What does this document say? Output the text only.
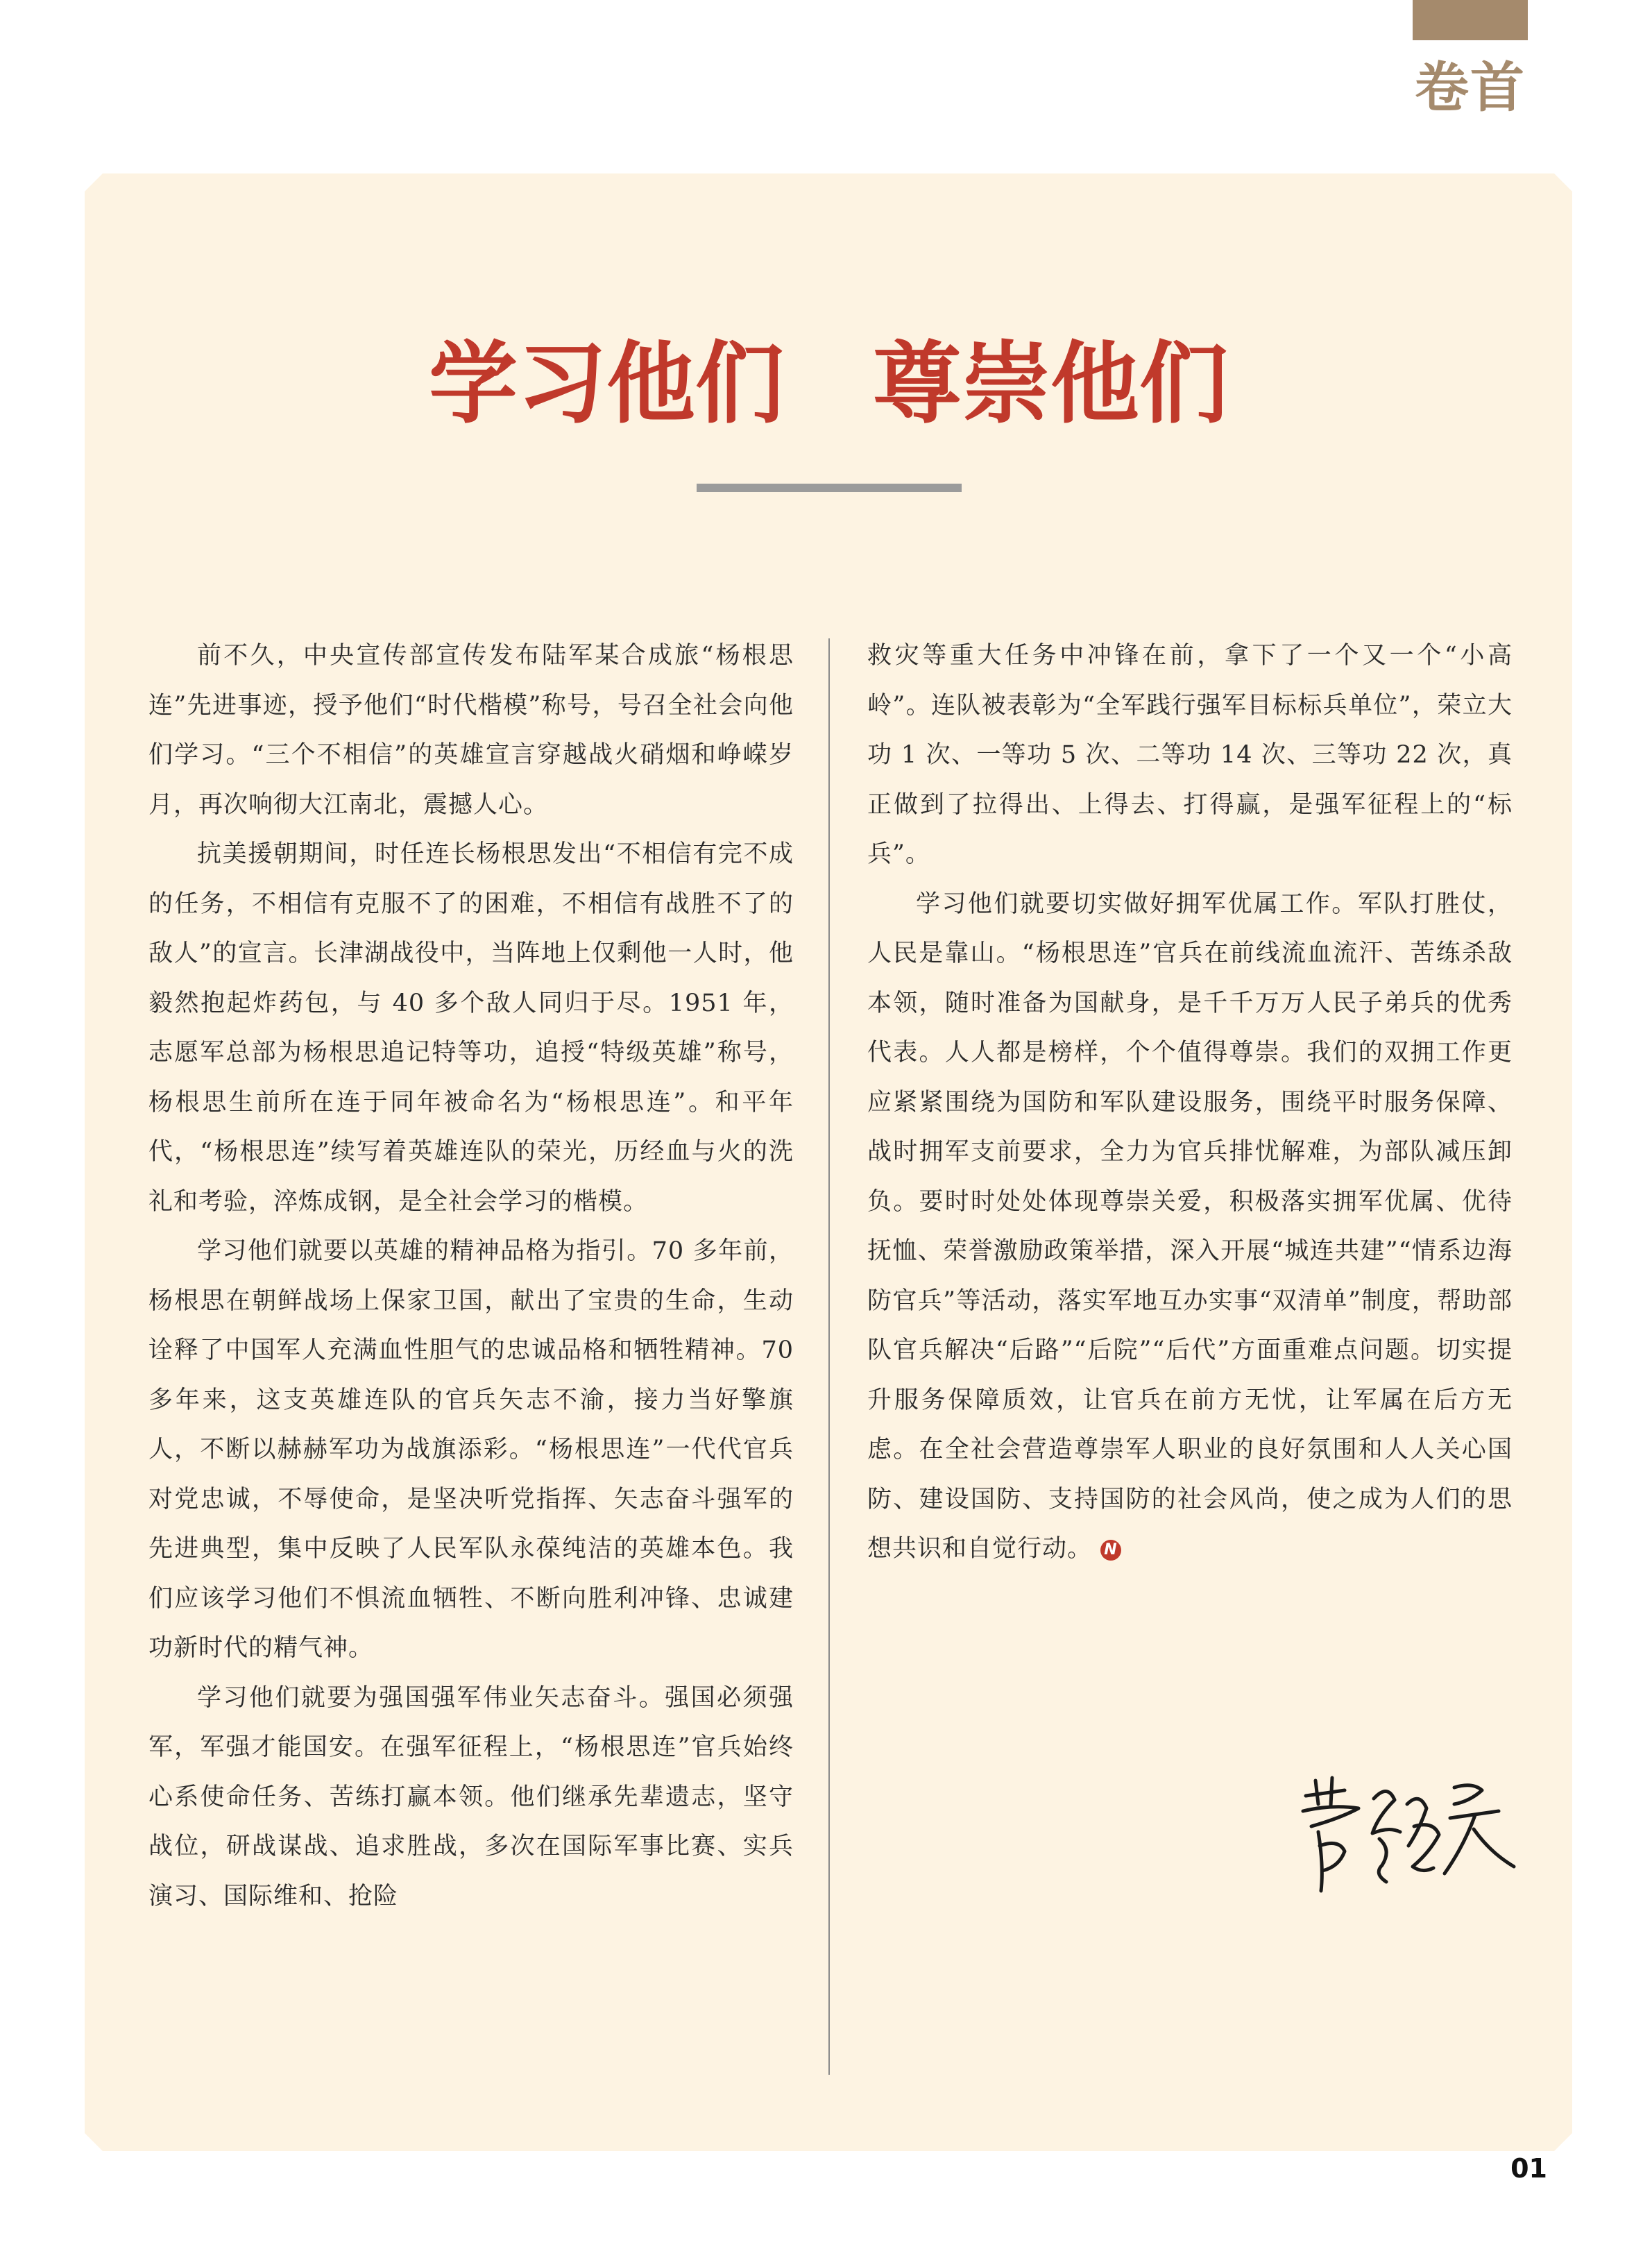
卷首
学习他们　尊崇他们

前不久，中央宣传部宣传发布陆军某合成旅“杨根思连”先进事迹，授予他们“时代楷模”称号，号召全社会向他们学习。“三个不相信”的英雄宣言穿越战火硝烟和峥嵘岁月，再次响彻大江南北，震撼人心。

抗美援朝期间，时任连长杨根思发出“不相信有完不成的任务，不相信有克服不了的困难，不相信有战胜不了的敌人”的宣言。长津湖战役中，当阵地上仅剩他一人时，他毅然抱起炸药包，与 40 多个敌人同归于尽。1951 年，志愿军总部为杨根思追记特等功，追授“特级英雄”称号，杨根思生前所在连于同年被命名为“杨根思连”。和平年代，“杨根思连”续写着英雄连队的荣光，历经血与火的洗礼和考验，淬炼成钢，是全社会学习的楷模。

学习他们就要以英雄的精神品格为指引。70 多年前，杨根思在朝鲜战场上保家卫国，献出了宝贵的生命，生动诠释了中国军人充满血性胆气的忠诚品格和牺牲精神。70 多年来，这支英雄连队的官兵矢志不渝，接力当好擎旗人，不断以赫赫军功为战旗添彩。“杨根思连”一代代官兵对党忠诚，不辱使命，是坚决听党指挥、矢志奋斗强军的先进典型，集中反映了人民军队永葆纯洁的英雄本色。我们应该学习他们不惧流血牺牲、不断向胜利冲锋、忠诚建功新时代的精气神。

学习他们就要为强国强军伟业矢志奋斗。强国必须强军，军强才能国安。在强军征程上，“杨根思连”官兵始终心系使命任务、苦练打赢本领。他们继承先辈遗志，坚守战位，研战谋战、追求胜战，多次在国际军事比赛、实兵演习、国际维和、抢险

救灾等重大任务中冲锋在前，拿下了一个又一个“小高岭”。连队被表彰为“全军践行强军目标标兵单位”，荣立大功 1 次、一等功 5 次、二等功 14 次、三等功 22 次，真正做到了拉得出、上得去、打得赢，是强军征程上的“标兵”。

学习他们就要切实做好拥军优属工作。军队打胜仗，人民是靠山。“杨根思连”官兵在前线流血流汗、苦练杀敌本领，随时准备为国献身，是千千万万人民子弟兵的优秀代表。人人都是榜样，个个值得尊崇。我们的双拥工作更应紧紧围绕为国防和军队建设服务，围绕平时服务保障、战时拥军支前要求，全力为官兵排忧解难，为部队减压卸负。要时时处处体现尊崇关爱，积极落实拥军优属、优待抚恤、荣誉激励政策举措，深入开展“城连共建”“情系边海防官兵”等活动，落实军地互办实事“双清单”制度，帮助部队官兵解决“后路”“后院”“后代”方面重难点问题。切实提升服务保障质效，让官兵在前方无忧，让军属在后方无虑。在全社会营造尊崇军人职业的良好氛围和人人关心国防、建设国防、支持国防的社会风尚，使之成为人们的思想共识和自觉行动。 N

01
